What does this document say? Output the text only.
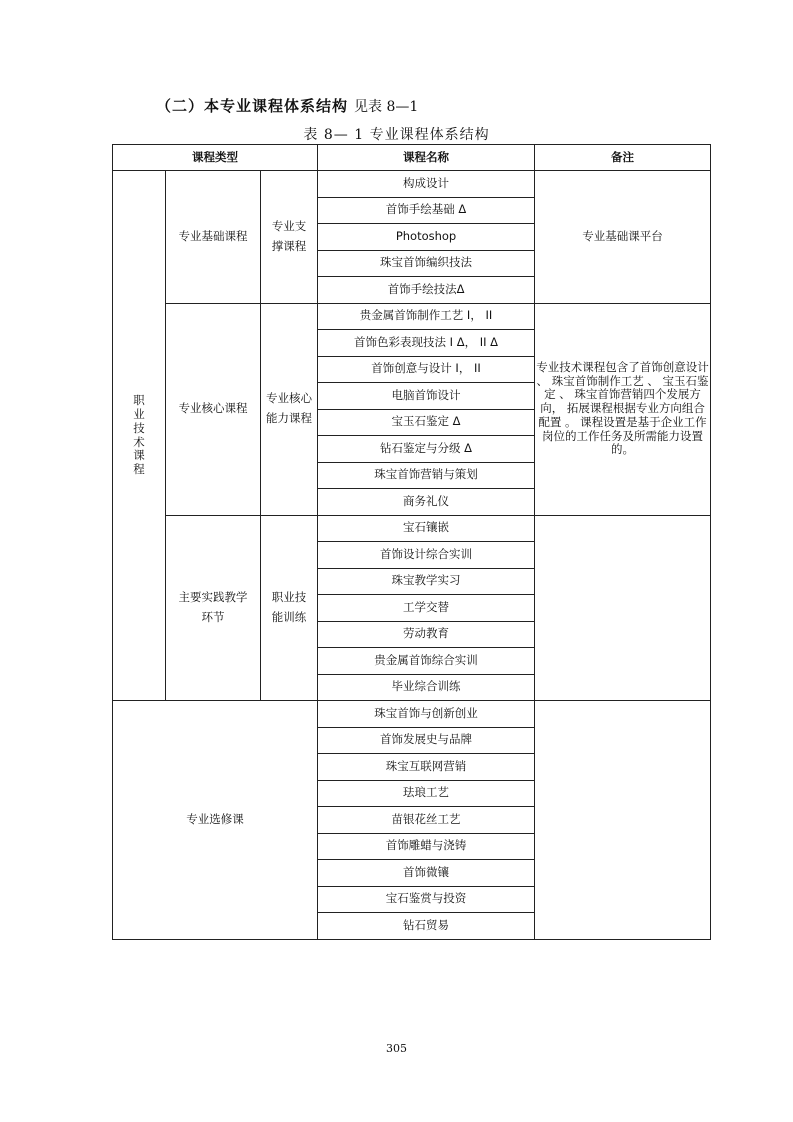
（二）本专业课程体系结构 见表 8—1
表 8— 1 专业课程体系结构
课程类型			课程名称	备注

职业技术课程	专业基础课程	专业支撑课程	构成设计	专业基础课平台
			首饰手绘基础 Δ	
			Photoshop	
			珠宝首饰编织技法	
			首饰手绘技法Δ	
	专业核心课程	专业核心能力课程	贵金属首饰制作工艺 I， II	专业技术课程包含了首饰创意设计 、 珠宝首饰制作工艺 、 宝玉石鉴定 、 珠宝首饰营销四个发展方向， 拓展课程根据专业方向组合配置 。 课程设置是基于企业工作岗位的工作任务及所需能力设置的。
			首饰色彩表现技法 I Δ， II Δ	
			首饰创意与设计 I， II	
			电脑首饰设计	
			宝玉石鉴定 Δ	
			钻石鉴定与分级 Δ	
			珠宝首饰营销与策划	
			商务礼仪	

	主要实践教学环节	职业技能训练	宝石镶嵌	
			首饰设计综合实训	
			珠宝教学实习	
			工学交替	
			劳动教育	
			贵金属首饰综合实训	
			毕业综合训练	
专业选修课			珠宝首饰与创新创业	
			首饰发展史与品牌	
			珠宝互联网营销	
			珐琅工艺	
			苗银花丝工艺	
			首饰雕蜡与浇铸	
			首饰微镶	
			宝石鉴赏与投资	
			钻石贸易	
305
